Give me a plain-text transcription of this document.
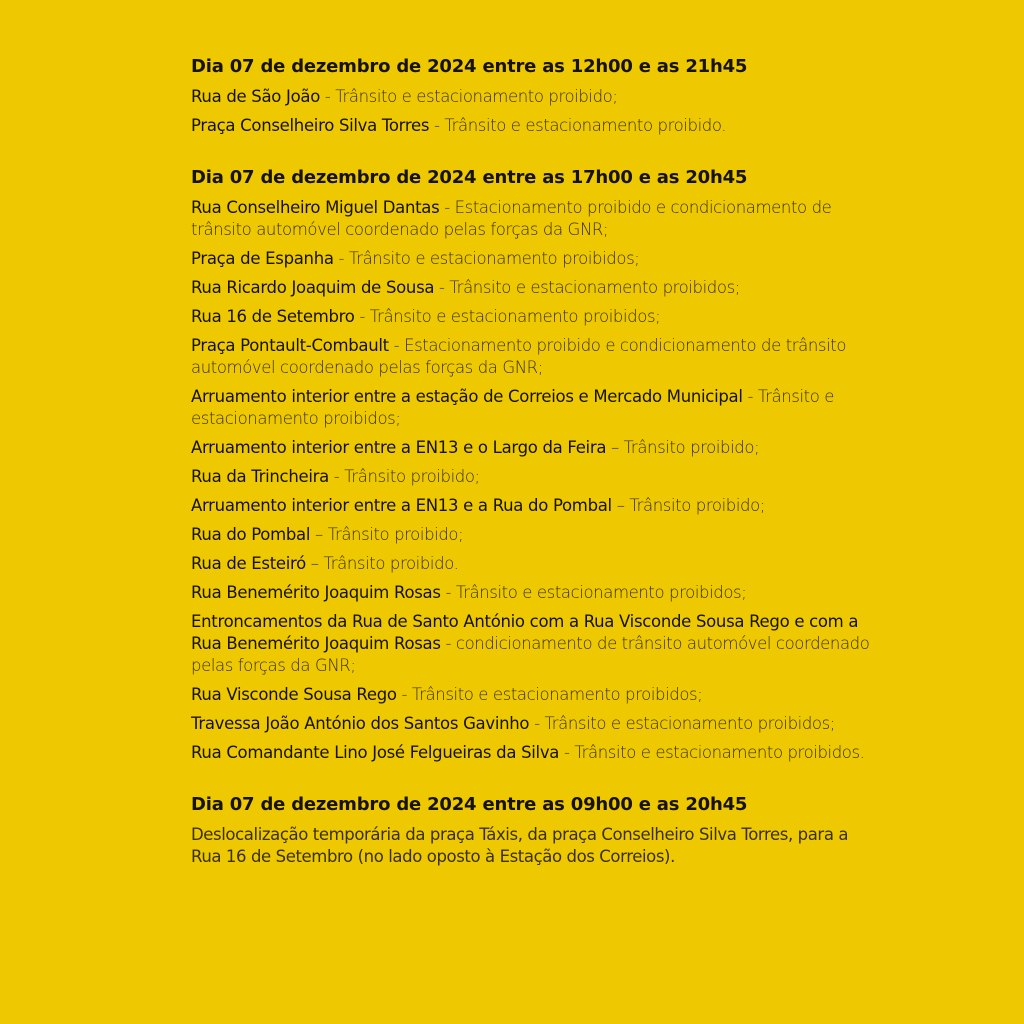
Dia 07 de dezembro de 2024 entre as 12h00 e as 21h45
Rua de São João - Trânsito e estacionamento proibido;
Praça Conselheiro Silva Torres - Trânsito e estacionamento proibido.
Dia 07 de dezembro de 2024 entre as 17h00 e as 20h45
Rua Conselheiro Miguel Dantas - Estacionamento proibido e condicionamento de trânsito automóvel coordenado pelas forças da GNR;
Praça de Espanha - Trânsito e estacionamento proibidos;
Rua Ricardo Joaquim de Sousa - Trânsito e estacionamento proibidos;
Rua 16 de Setembro - Trânsito e estacionamento proibidos;
Praça Pontault-Combault - Estacionamento proibido e condicionamento de trânsito automóvel coordenado pelas forças da GNR;
Arruamento interior entre a estação de Correios e Mercado Municipal - Trânsito e estacionamento proibidos;
Arruamento interior entre a EN13 e o Largo da Feira – Trânsito proibido;
Rua da Trincheira - Trânsito proibido;
Arruamento interior entre a EN13 e a Rua do Pombal – Trânsito proibido;
Rua do Pombal – Trânsito proibido;
Rua de Esteiró – Trânsito proibido.
Rua Benemérito Joaquim Rosas - Trânsito e estacionamento proibidos;
Entroncamentos da Rua de Santo António com a Rua Visconde Sousa Rego e com a Rua Benemérito Joaquim Rosas - condicionamento de trânsito automóvel coordenado pelas forças da GNR;
Rua Visconde Sousa Rego - Trânsito e estacionamento proibidos;
Travessa João António dos Santos Gavinho - Trânsito e estacionamento proibidos;
Rua Comandante Lino José Felgueiras da Silva - Trânsito e estacionamento proibidos.
Dia 07 de dezembro de 2024 entre as 09h00 e as 20h45
Deslocalização temporária da praça Táxis, da praça Conselheiro Silva Torres, para a Rua 16 de Setembro (no lado oposto à Estação dos Correios).
